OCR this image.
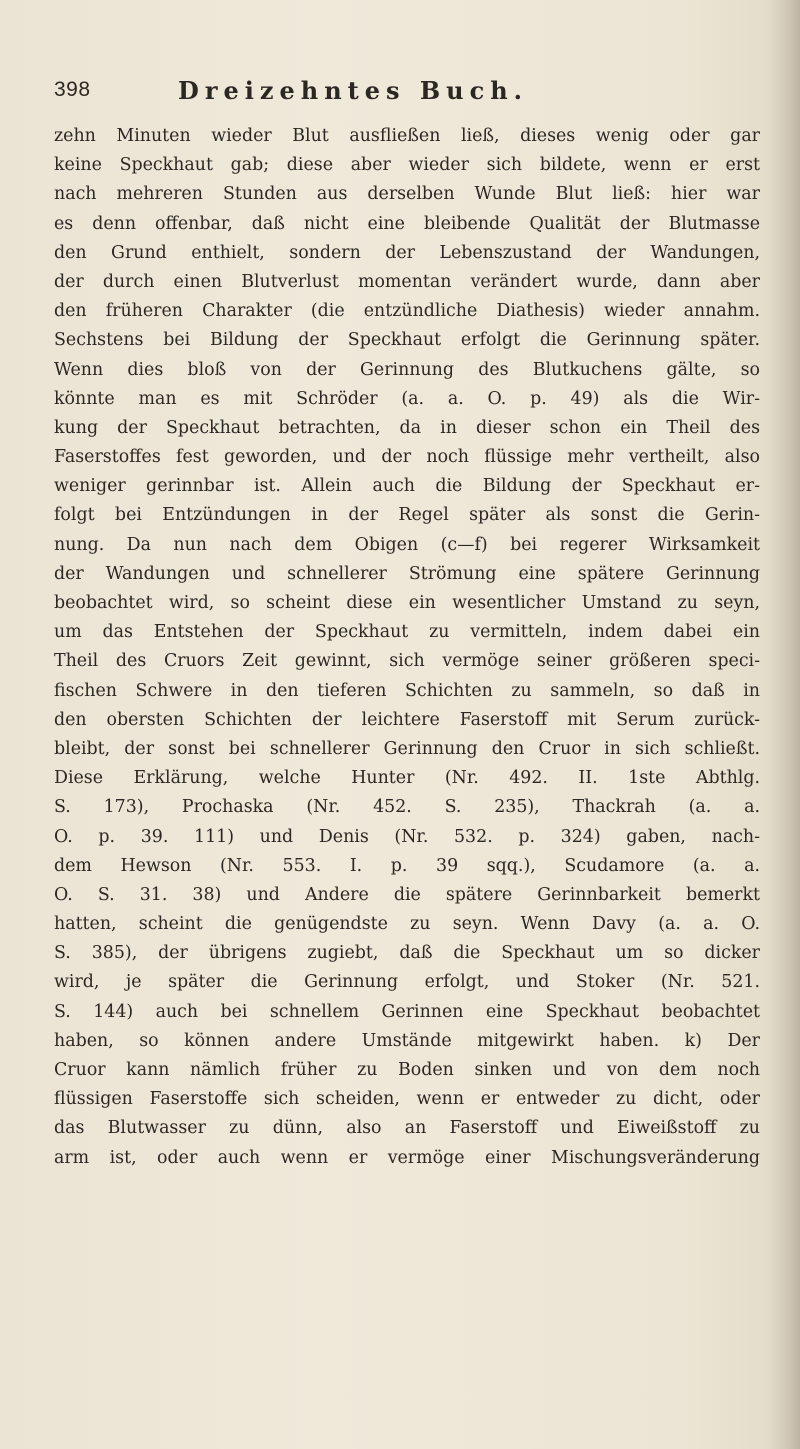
398	Dreizehntes Buch.
zehn Minuten wieder Blut ausfließen ließ, dieses wenig oder gar
keine Speckhaut gab; diese aber wieder sich bildete, wenn er erst
nach mehreren Stunden aus derselben Wunde Blut ließ: hier war
es denn offenbar, daß nicht eine bleibende Qualität der Blutmasse
den Grund enthielt, sondern der Lebenszustand der Wandungen,
der durch einen Blutverlust momentan verändert wurde, dann aber
den früheren Charakter (die entzündliche Diathesis) wieder annahm.
Sechstens bei Bildung der Speckhaut erfolgt die Gerinnung später.
Wenn dies bloß von der Gerinnung des Blutkuchens gälte, so
könnte man es mit Schröder (a. a. O. p. 49) als die Wir-
kung der Speckhaut betrachten, da in dieser schon ein Theil des
Faserstoffes fest geworden, und der noch flüssige mehr vertheilt, also
weniger gerinnbar ist. Allein auch die Bildung der Speckhaut er-
folgt bei Entzündungen in der Regel später als sonst die Gerin-
nung. Da nun nach dem Obigen (c—f) bei regerer Wirksamkeit
der Wandungen und schnellerer Strömung eine spätere Gerinnung
beobachtet wird, so scheint diese ein wesentlicher Umstand zu seyn,
um das Entstehen der Speckhaut zu vermitteln, indem dabei ein
Theil des Cruors Zeit gewinnt, sich vermöge seiner größeren speci-
fischen Schwere in den tieferen Schichten zu sammeln, so daß in
den obersten Schichten der leichtere Faserstoff mit Serum zurück-
bleibt, der sonst bei schnellerer Gerinnung den Cruor in sich schließt.
Diese Erklärung, welche Hunter (Nr. 492. II. 1ste Abthlg.
S. 173), Prochaska (Nr. 452. S. 235), Thackrah (a. a.
O. p. 39. 111) und Denis (Nr. 532. p. 324) gaben, nach-
dem Hewson (Nr. 553. I. p. 39 sqq.), Scudamore (a. a.
O. S. 31. 38) und Andere die spätere Gerinnbarkeit bemerkt
hatten, scheint die genügendste zu seyn. Wenn Davy (a. a. O.
S. 385), der übrigens zugiebt, daß die Speckhaut um so dicker
wird, je später die Gerinnung erfolgt, und Stoker (Nr. 521.
S. 144) auch bei schnellem Gerinnen eine Speckhaut beobachtet
haben, so können andere Umstände mitgewirkt haben. k) Der
Cruor kann nämlich früher zu Boden sinken und von dem noch
flüssigen Faserstoffe sich scheiden, wenn er entweder zu dicht, oder
das Blutwasser zu dünn, also an Faserstoff und Eiweißstoff zu
arm ist, oder auch wenn er vermöge einer Mischungsveränderung
